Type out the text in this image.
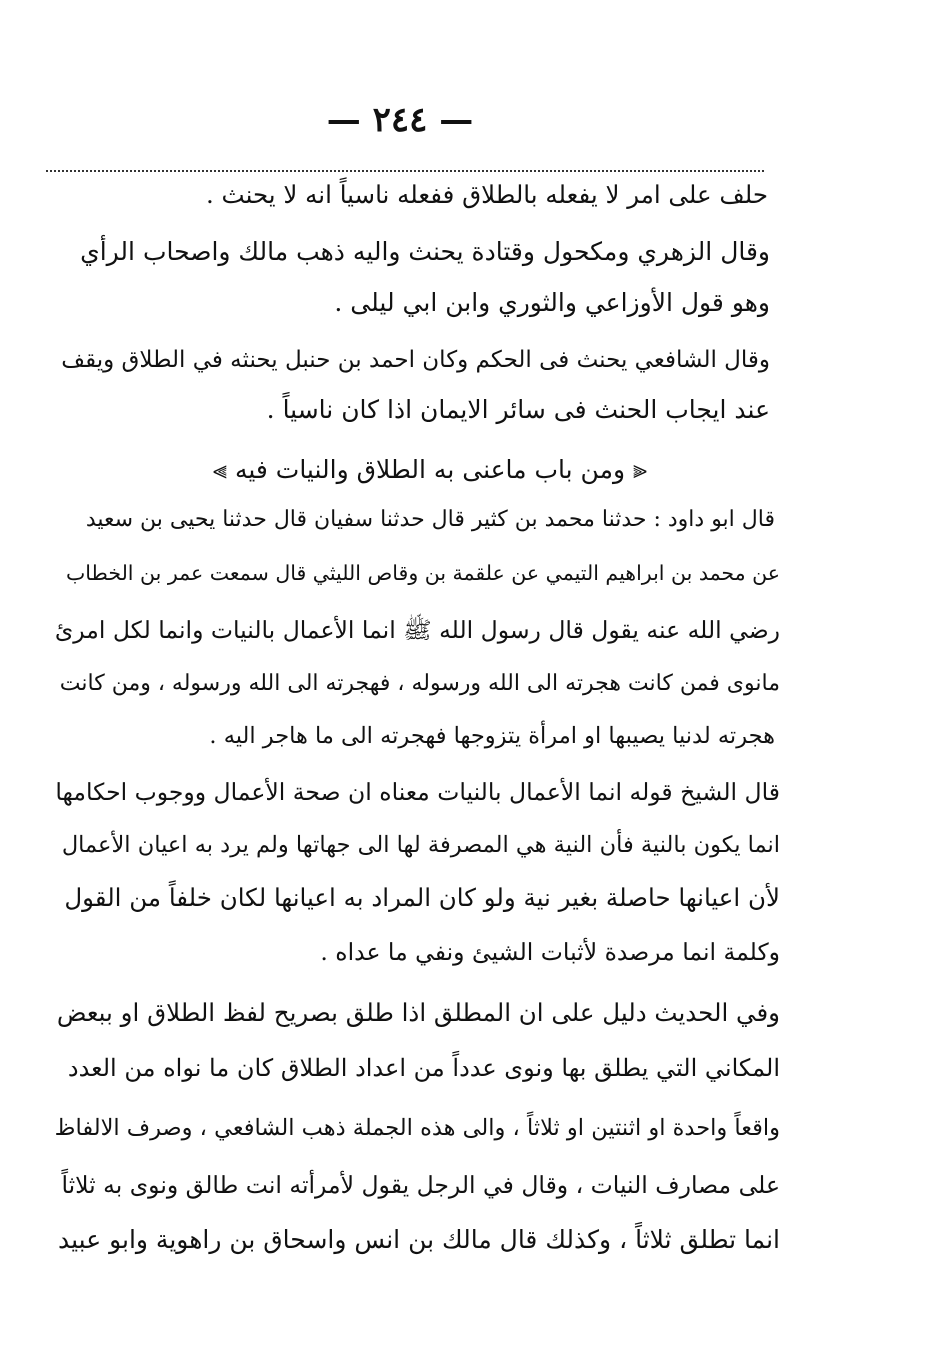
— ٢٤٤ —
حلف على امر لا يفعله بالطلاق ففعله ناسياً انه لا يحنث .
وقال الزهري ومكحول وقتادة يحنث واليه ذهب مالك واصحاب الرأي
وهو قول الأوزاعي والثوري وابن ابي ليلى .
وقال الشافعي يحنث فى الحكم وكان احمد بن حنبل يحنثه في الطلاق ويقف
عند ايجاب الحنث فى سائر الايمان اذا كان ناسياً .
⫷ ومن باب ماعنى به الطلاق والنيات فيه ⫸
قال ابو داود : حدثنا محمد بن كثير قال حدثنا سفيان قال حدثنا يحيى بن سعيد
عن محمد بن ابراهيم التيمي عن علقمة بن وقاص الليثي قال سمعت عمر بن الخطاب
رضي الله عنه يقول قال رسول الله ﷺ انما الأعمال بالنيات وانما لكل امرئ
مانوى فمن كانت هجرته الى الله ورسوله ، فهجرته الى الله ورسوله ، ومن كانت
هجرته لدنيا يصيبها او امرأة يتزوجها فهجرته الى ما هاجر اليه .
قال الشيخ قوله انما الأعمال بالنيات معناه ان صحة الأعمال ووجوب احكامها
انما يكون بالنية فأن النية هي المصرفة لها الى جهاتها ولم يرد به اعيان الأعمال
لأن اعيانها حاصلة بغير نية ولو كان المراد به اعيانها لكان خلفاً من القول
وكلمة انما مرصدة لأثبات الشيئ ونفي ما عداه .
وفي الحديث دليل على ان المطلق اذا طلق بصريح لفظ الطلاق او ببعض
المكاني التي يطلق بها ونوى عدداً من اعداد الطلاق كان ما نواه من العدد
واقعاً واحدة او اثنتين او ثلاثاً ، والى هذه الجملة ذهب الشافعي ، وصرف الالفاظ
على مصارف النيات ، وقال في الرجل يقول لأمرأته انت طالق ونوى به ثلاثاً
انما تطلق ثلاثاً ، وكذلك قال مالك بن انس واسحاق بن راهوية وابو عبيد
